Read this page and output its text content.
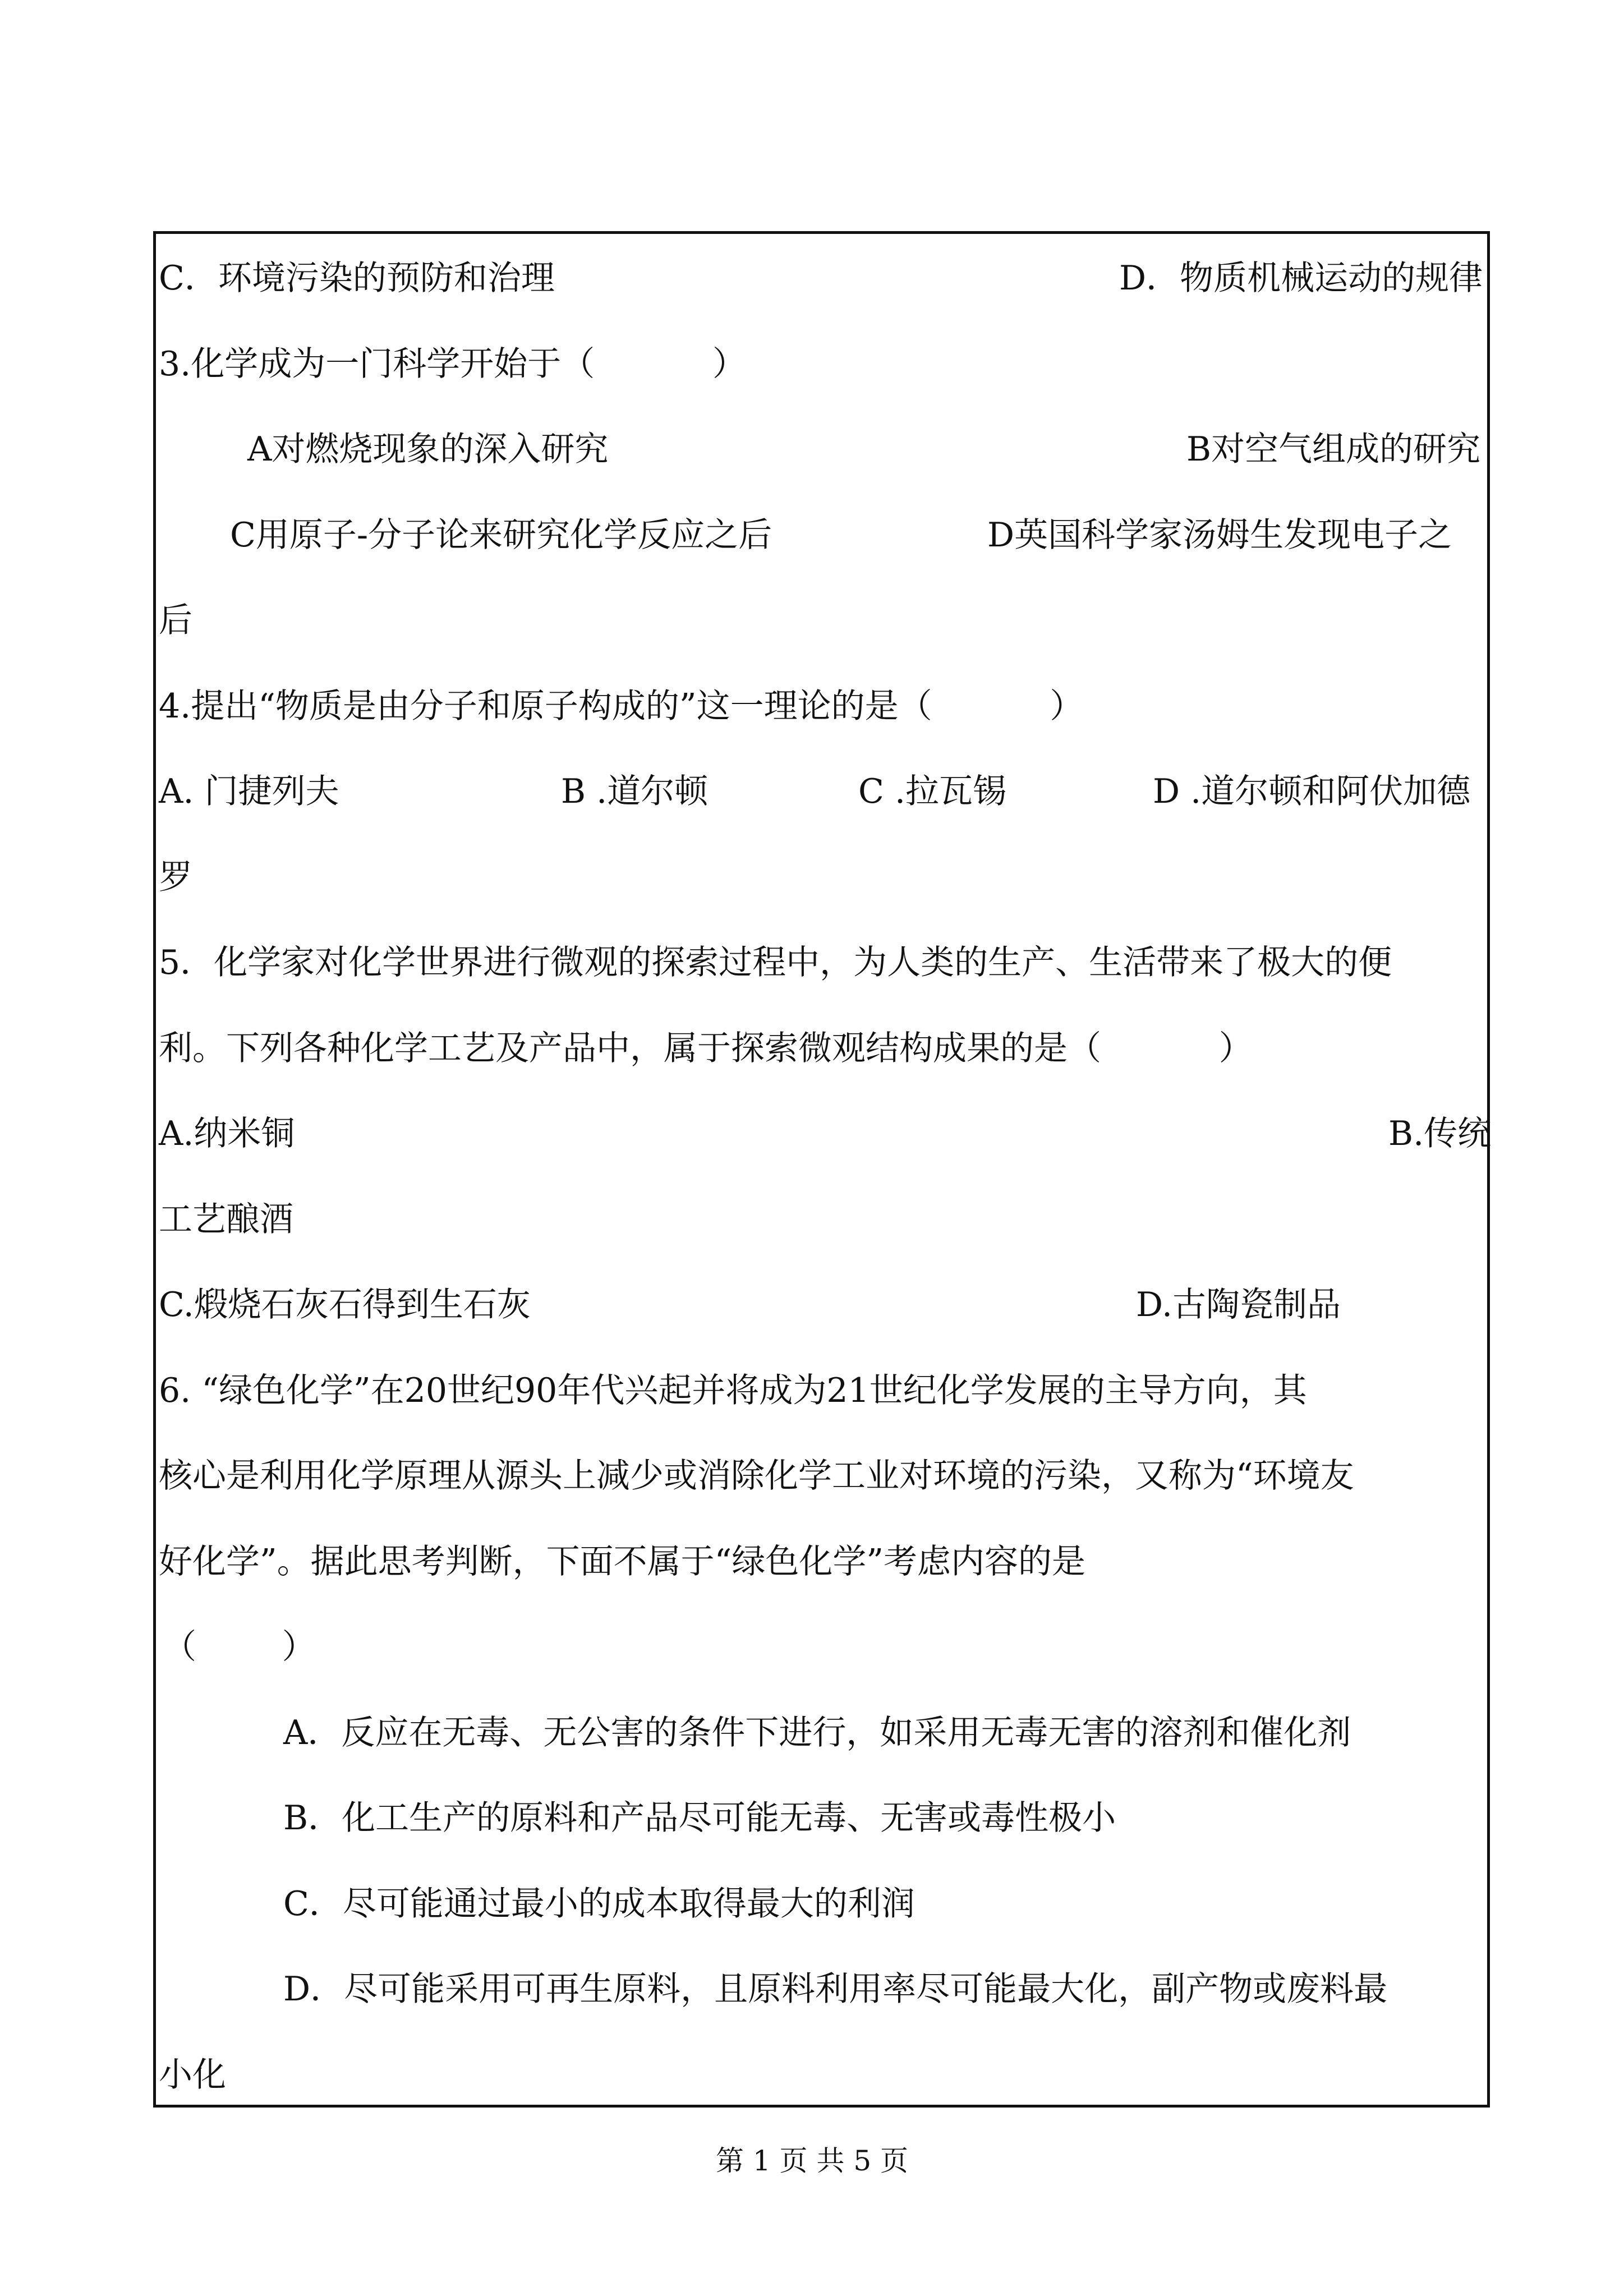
C．环境污染的预防和治理	D．物质机械运动的规律
3.化学成为一门科学开始于（           ）
A对燃烧现象的深入研究	B对空气组成的研究
C用原子-分子论来研究化学反应之后	D英国科学家汤姆生发现电子之
后
4.提出“物质是由分子和原子构成的”这一理论的是（           ）
A. 门捷列夫	B .道尔顿	C .拉瓦锡	D .道尔顿和阿伏加德
罗
5．化学家对化学世界进行微观的探索过程中，为人类的生产、生活带来了极大的便
利。下列各种化学工艺及产品中，属于探索微观结构成果的是（           ）
A.纳米铜	B.传统
工艺酿酒
C.煅烧石灰石得到生石灰	D.古陶瓷制品
6. “绿色化学”在20世纪90年代兴起并将成为21世纪化学发展的主导方向，其
核心是利用化学原理从源头上减少或消除化学工业对环境的污染，又称为“环境友
好化学”。据此思考判断，下面不属于“绿色化学”考虑内容的是
（        ）
A．反应在无毒、无公害的条件下进行，如采用无毒无害的溶剂和催化剂
B．化工生产的原料和产品尽可能无毒、无害或毒性极小
C．尽可能通过最小的成本取得最大的利润
D．尽可能采用可再生原料，且原料利用率尽可能最大化，副产物或废料最
小化
第 1 页 共 5 页
